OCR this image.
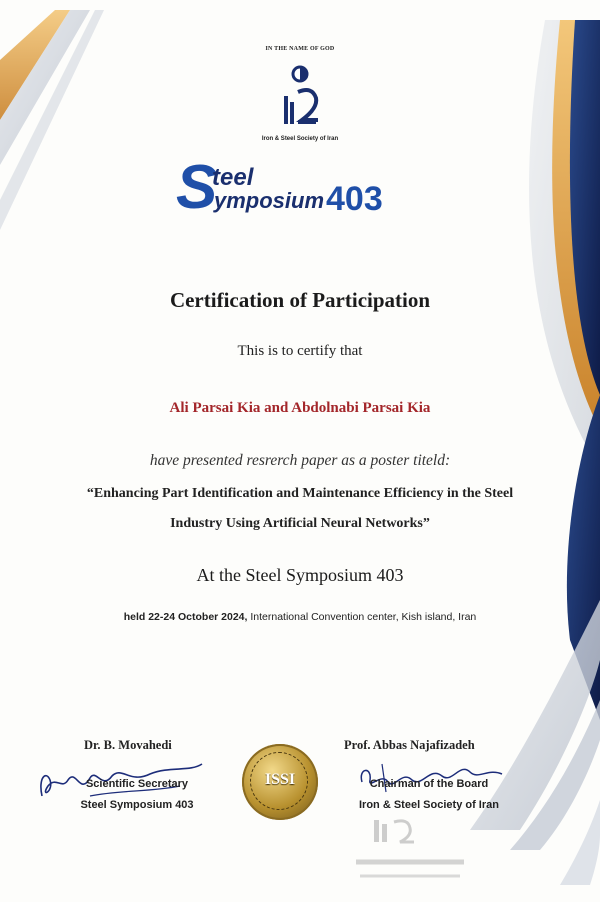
IN THE NAME OF GOD
Iron & Steel Society of Iran
S
teel
ymposium 403
Certification of Participation
This is to certify that
Ali Parsai Kia and Abdolnabi Parsai Kia
have presented resrerch paper as a poster titeld:
“Enhancing Part Identification and Maintenance Efficiency in the Steel
Industry Using Artificial Neural Networks”
At the Steel Symposium 403
held 22-24 October 2024, International Convention center, Kish island, Iran
Dr. B. Movahedi
Scientific Secretary
Steel Symposium 403
ISSI
Prof. Abbas Najafizadeh
Chairman of the Board
Iron & Steel Society of Iran
